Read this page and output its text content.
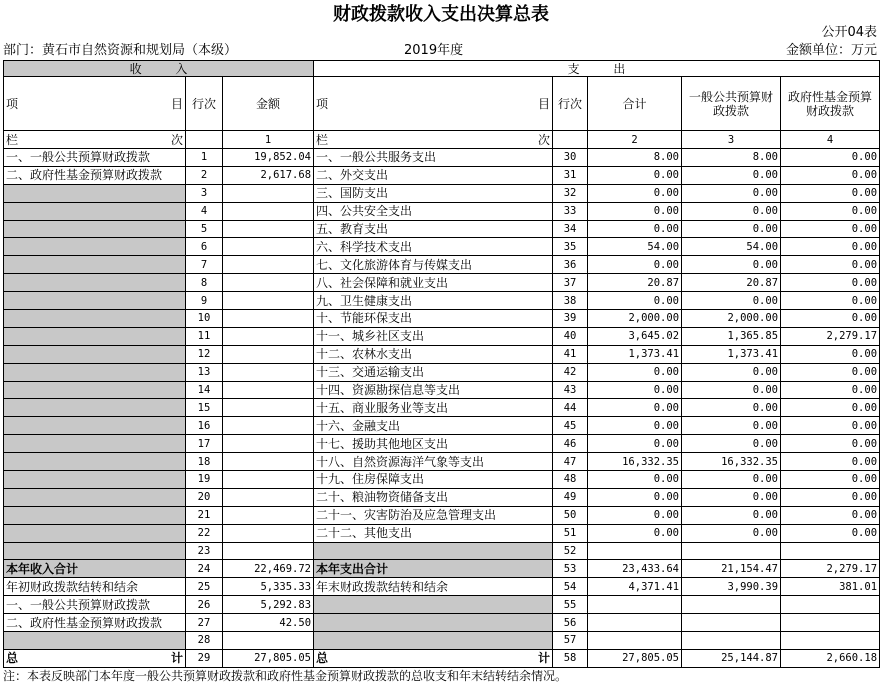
财政拨款收入支出决算总表
公开04表
部门：黄石市自然资源和规划局（本级）	2019年度	金额单位：万元
收 入			支 出				
项 目	行次	金额	项 目	行次	合计	一般公共预算财政拨款	政府性基金预算财政拨款
栏 次		1	栏 次		2	3	4
一、一般公共预算财政拨款	1	19,852.04	一、一般公共服务支出	30	8.00	8.00	0.00
二、政府性基金预算财政拨款	2	2,617.68	二、外交支出	31	0.00	0.00	0.00
	3		三、国防支出	32	0.00	0.00	0.00
	4		四、公共安全支出	33	0.00	0.00	0.00
	5		五、教育支出	34	0.00	0.00	0.00
	6		六、科学技术支出	35	54.00	54.00	0.00
	7		七、文化旅游体育与传媒支出	36	0.00	0.00	0.00
	8		八、社会保障和就业支出	37	20.87	20.87	0.00
	9		九、卫生健康支出	38	0.00	0.00	0.00
	10		十、节能环保支出	39	2,000.00	2,000.00	0.00
	11		十一、城乡社区支出	40	3,645.02	1,365.85	2,279.17
	12		十二、农林水支出	41	1,373.41	1,373.41	0.00
	13		十三、交通运输支出	42	0.00	0.00	0.00
	14		十四、资源勘探信息等支出	43	0.00	0.00	0.00
	15		十五、商业服务业等支出	44	0.00	0.00	0.00
	16		十六、金融支出	45	0.00	0.00	0.00
	17		十七、援助其他地区支出	46	0.00	0.00	0.00
	18		十八、自然资源海洋气象等支出	47	16,332.35	16,332.35	0.00
	19		十九、住房保障支出	48	0.00	0.00	0.00
	20		二十、粮油物资储备支出	49	0.00	0.00	0.00
	21		二十一、灾害防治及应急管理支出	50	0.00	0.00	0.00
	22		二十二、其他支出	51	0.00	0.00	0.00
	23			52			
本年收入合计	24	22,469.72	本年支出合计	53	23,433.64	21,154.47	2,279.17
年初财政拨款结转和结余	25	5,335.33	年末财政拨款结转和结余	54	4,371.41	3,990.39	381.01
一、一般公共预算财政拨款	26	5,292.83		55			
二、政府性基金预算财政拨款	27	42.50		56			
	28			57			
总 计	29	27,805.05	总 计	58	27,805.05	25,144.87	2,660.18
注：本表反映部门本年度一般公共预算财政拨款和政府性基金预算财政拨款的总收支和年末结转结余情况。
